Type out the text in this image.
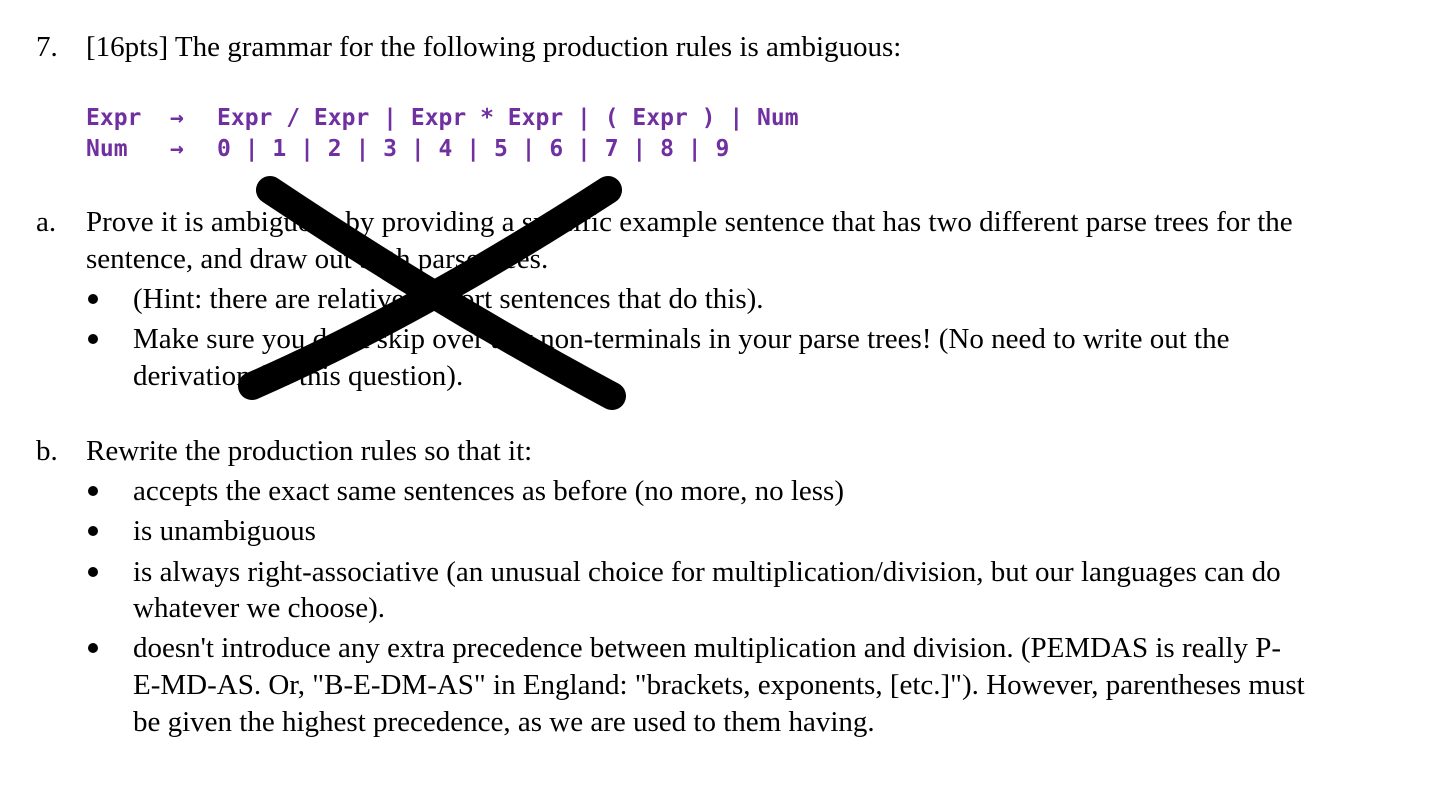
7. [16pts] The grammar for the following production rules is ambiguous:
Expr → Expr / Expr | Expr * Expr | ( Expr ) | Num
Num → 0 | 1 | 2 | 3 | 4 | 5 | 6 | 7 | 8 | 9
a. Prove it is ambiguous by providing a specific example sentence that has two different parse trees for the
sentence, and draw out both parse trees.
(Hint: there are relatively short sentences that do this).
Make sure you don't skip over any non-terminals in your parse trees! (No need to write out the
derivation for this question).
b. Rewrite the production rules so that it:
accepts the exact same sentences as before (no more, no less)
is unambiguous
is always right-associative (an unusual choice for multiplication/division, but our languages can do
whatever we choose).
doesn't introduce any extra precedence between multiplication and division. (PEMDAS is really P-
E-MD-AS. Or, "B-E-DM-AS" in England: "brackets, exponents, [etc.]"). However, parentheses must
be given the highest precedence, as we are used to them having.
